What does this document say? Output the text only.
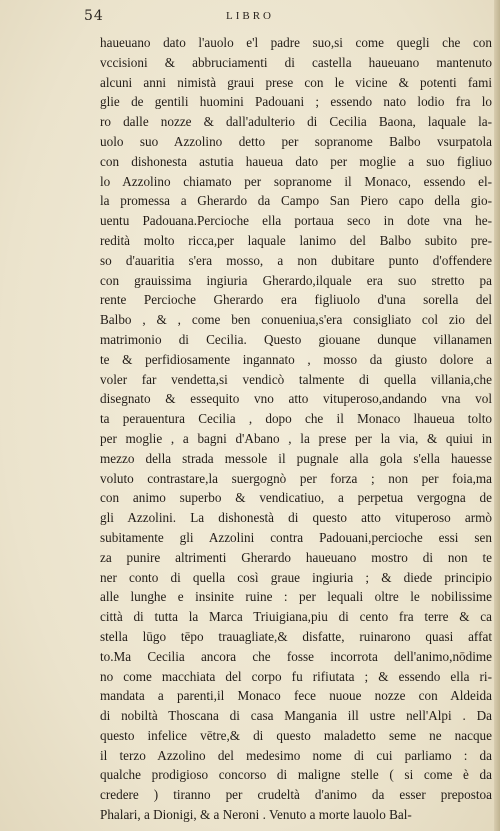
54	LIBRO
haueuano dato l'auolo e'l padre suo,si come quegli che con
vccisioni & abbruciamenti di castella haueuano mantenuto
alcuni anni nimistà graui prese con le vicine & potenti fami
glie de gentili huomini Padouani ; essendo nato lodio fra lo
ro dalle nozze & dall'adulterio di Cecilia Baona, laquale la-
uolo suo Azzolino detto per sopranome Balbo vsurpatola
con dishonesta astutia haueua dato per moglie a suo figliuo
lo Azzolino chiamato per sopranome il Monaco, essendo el-
la promessa a Gherardo da Campo San Piero capo della gio-
uentu Padouana.Percioche ella portaua seco in dote vna he-
redità molto ricca,per laquale lanimo del Balbo subito pre-
so d'auaritia s'era mosso, a non dubitare punto d'offendere
con grauissima ingiuria Gherardo,ilquale era suo stretto pa
rente Percioche Gherardo era figliuolo d'una sorella del
Balbo , & , come ben conueniua,s'era consigliato col zio del
matrimonio di Cecilia. Questo giouane dunque villanamen
te & perfidiosamente ingannato , mosso da giusto dolore a
voler far vendetta,si vendicò talmente di quella villania,che
disegnato & essequito vno atto vituperoso,andando vna vol
ta perauentura Cecilia , dopo che il Monaco lhaueua tolto
per moglie , a bagni d'Abano , la prese per la via, & quiui in
mezzo della strada messole il pugnale alla gola s'ella hauesse
voluto contrastare,la suergognò per forza ; non per foia,ma
con animo superbo & vendicatiuo, a perpetua vergogna de
gli Azzolini. La dishonestà di questo atto vituperoso armò
subitamente gli Azzolini contra Padouani,percioche essi sen
za punire altrimenti Gherardo haueuano mostro di non te
ner conto di quella così graue ingiuria ; & diede principio
alle lunghe e insinite ruine : per lequali oltre le nobilissime
città di tutta la Marca Triuigiana,piu di cento fra terre & ca
stella lūgo tēpo trauagliate,& disfatte, ruinarono quasi affat
to.Ma Cecilia ancora che fosse incorrota dell'animo,nōdime
no come macchiata del corpo fu rifiutata ; & essendo ella ri-
mandata a parenti,il Monaco fece nuoue nozze con Aldeida
di nobiltà Thoscana di casa Mangania ill ustre nell'Alpi . Da
questo infelice vētre,& di questo maladetto seme ne nacque
il terzo Azzolino del medesimo nome di cui parliamo : da
qualche prodigioso concorso di maligne stelle ( si come è da
credere ) tiranno per crudeltà d'animo da esser prepostoa
Phalari, a Dionigi, & a Neroni . Venuto a morte lauolo Bal-
